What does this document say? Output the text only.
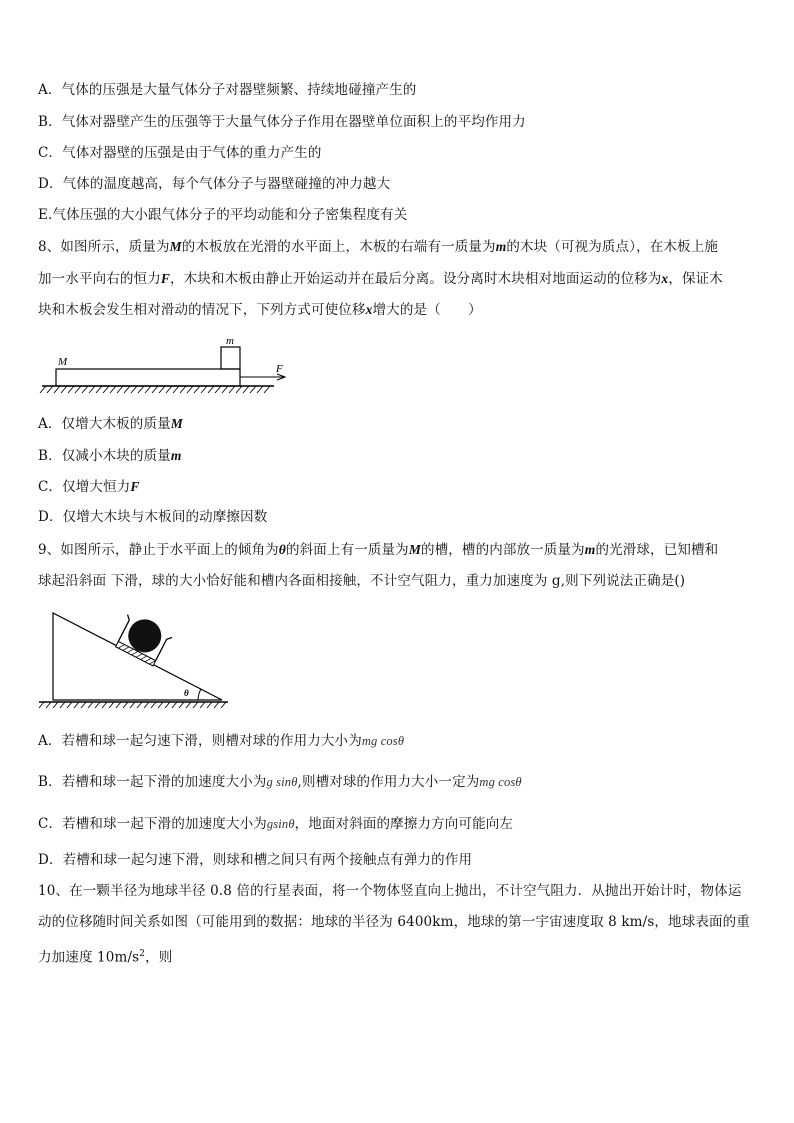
A．气体的压强是大量气体分子对器壁频繁、持续地碰撞产生的
B．气体对器壁产生的压强等于大量气体分子作用在器壁单位面积上的平均作用力
C．气体对器壁的压强是由于气体的重力产生的
D．气体的温度越高，每个气体分子与器壁碰撞的冲力越大
E.气体压强的大小跟气体分子的平均动能和分子密集程度有关
8、如图所示，质量为M的木板放在光滑的水平面上，木板的右端有一质量为m的木块（可视为质点），在木板上施
加一水平向右的恒力F，木块和木板由静止开始运动并在最后分离。设分离时木块相对地面运动的位移为x，保证木
块和木板会发生相对滑动的情况下，下列方式可使位移x增大的是（　　）
M
m
F
A．仅增大木板的质量M
B．仅减小木块的质量m
C．仅增大恒力F
D．仅增大木块与木板间的动摩擦因数
9、如图所示，静止于水平面上的倾角为θ的斜面上有一质量为M的槽，槽的内部放一质量为m的光滑球，已知槽和
球起沿斜面 下滑，球的大小恰好能和槽内各面相接触，不计空气阻力，重力加速度为 g,则下列说法正确是()
θ
A．若槽和球一起匀速下滑，则槽对球的作用力大小为mg cosθ
B．若槽和球一起下滑的加速度大小为g sinθ,则槽对球的作用力大小一定为mg cosθ
C．若槽和球一起下滑的加速度大小为gsinθ，地面对斜面的摩擦力方向可能向左
D．若槽和球一起匀速下滑，则球和槽之间只有两个接触点有弹力的作用
10、在一颗半径为地球半径 0.8 倍的行星表面，将一个物体竖直向上抛出，不计空气阻力．从抛出开始计时，物体运
动的位移随时间关系如图（可能用到的数据：地球的半径为 6400km，地球的第一宇宙速度取 8 km/s，地球表面的重
力加速度 $10m/s^2$，则
